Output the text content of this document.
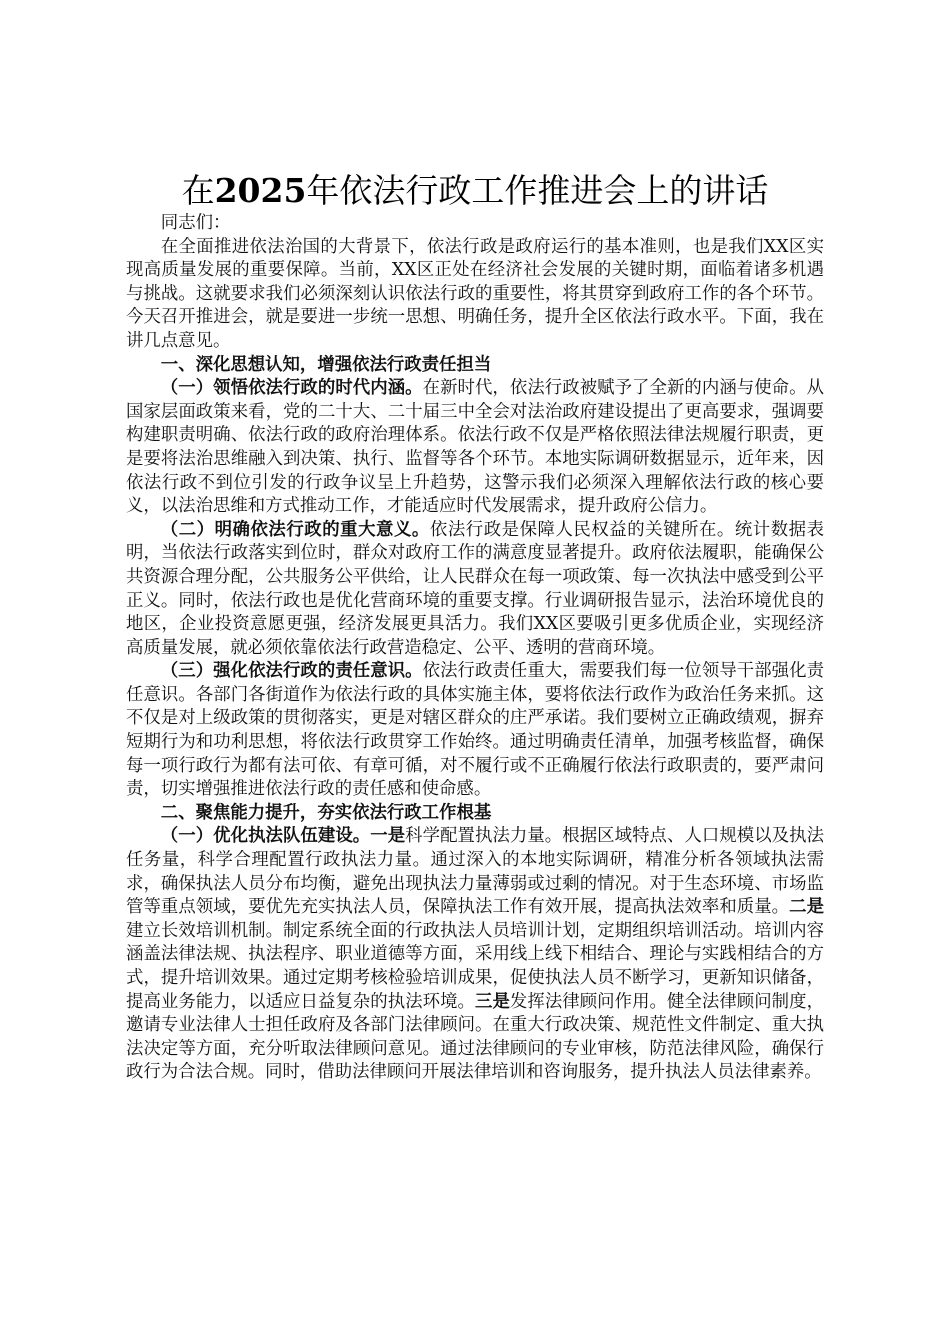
在2025年依法行政工作推进会上的讲话

同志们：

在全面推进依法治国的大背景下，依法行政是政府运行的基本准则，也是我们XX区实现高质量发展的重要保障。当前，XX区正处在经济社会发展的关键时期，面临着诸多机遇与挑战。这就要求我们必须深刻认识依法行政的重要性，将其贯穿到政府工作的各个环节。今天召开推进会，就是要进一步统一思想、明确任务，提升全区依法行政水平。下面，我在讲几点意见。

一、深化思想认知，增强依法行政责任担当

（一）领悟依法行政的时代内涵。在新时代，依法行政被赋予了全新的内涵与使命。从国家层面政策来看，党的二十大、二十届三中全会对法治政府建设提出了更高要求，强调要构建职责明确、依法行政的政府治理体系。依法行政不仅是严格依照法律法规履行职责，更是要将法治思维融入到决策、执行、监督等各个环节。本地实际调研数据显示，近年来，因依法行政不到位引发的行政争议呈上升趋势，这警示我们必须深入理解依法行政的核心要义，以法治思维和方式推动工作，才能适应时代发展需求，提升政府公信力。

（二）明确依法行政的重大意义。依法行政是保障人民权益的关键所在。统计数据表明，当依法行政落实到位时，群众对政府工作的满意度显著提升。政府依法履职，能确保公共资源合理分配，公共服务公平供给，让人民群众在每一项政策、每一次执法中感受到公平正义。同时，依法行政也是优化营商环境的重要支撑。行业调研报告显示，法治环境优良的地区，企业投资意愿更强，经济发展更具活力。我们XX区要吸引更多优质企业，实现经济高质量发展，就必须依靠依法行政营造稳定、公平、透明的营商环境。

（三）强化依法行政的责任意识。依法行政责任重大，需要我们每一位领导干部强化责任意识。各部门各街道作为依法行政的具体实施主体，要将依法行政作为政治任务来抓。这不仅是对上级政策的贯彻落实，更是对辖区群众的庄严承诺。我们要树立正确政绩观，摒弃短期行为和功利思想，将依法行政贯穿工作始终。通过明确责任清单，加强考核监督，确保每一项行政行为都有法可依、有章可循，对不履行或不正确履行依法行政职责的，要严肃问责，切实增强推进依法行政的责任感和使命感。

二、聚焦能力提升，夯实依法行政工作根基

（一）优化执法队伍建设。一是科学配置执法力量。根据区域特点、人口规模以及执法任务量，科学合理配置行政执法力量。通过深入的本地实际调研，精准分析各领域执法需求，确保执法人员分布均衡，避免出现执法力量薄弱或过剩的情况。对于生态环境、市场监管等重点领域，要优先充实执法人员，保障执法工作有效开展，提高执法效率和质量。二是建立长效培训机制。制定系统全面的行政执法人员培训计划，定期组织培训活动。培训内容涵盖法律法规、执法程序、职业道德等方面，采用线上线下相结合、理论与实践相结合的方式，提升培训效果。通过定期考核检验培训成果，促使执法人员不断学习，更新知识储备，提高业务能力，以适应日益复杂的执法环境。三是发挥法律顾问作用。健全法律顾问制度，邀请专业法律人士担任政府及各部门法律顾问。在重大行政决策、规范性文件制定、重大执法决定等方面，充分听取法律顾问意见。通过法律顾问的专业审核，防范法律风险，确保行政行为合法合规。同时，借助法律顾问开展法律培训和咨询服务，提升执法人员法律素养。
